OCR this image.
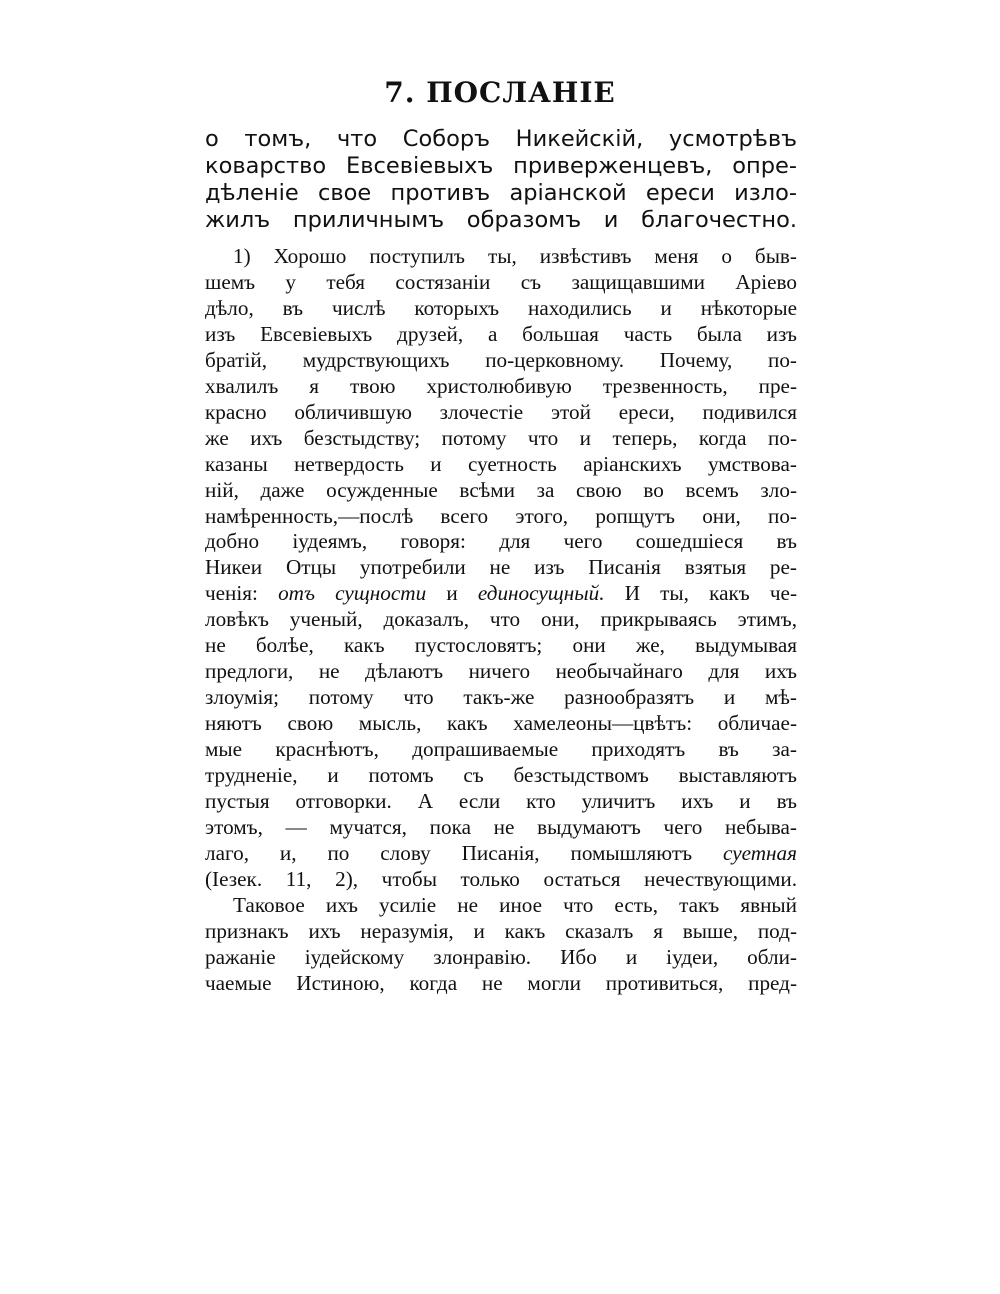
7. ПОСЛАНІЕ
о томъ, что Соборъ Никейскій, усмотрѣвъ
коварство Евсевіевыхъ приверженцевъ, опре-
дѣленіе свое противъ аріанской ереси изло-
жилъ приличнымъ образомъ и благочестно.
1) Хорошо поступилъ ты, извѣстивъ меня о быв-
шемъ у тебя состязаніи съ защищавшими Аріево
дѣло, въ числѣ которыхъ находились и нѣкоторые
изъ Евсевіевыхъ друзей, а большая часть была изъ
братій, мудрствующихъ по-церковному. Почему, по-
хвалилъ я твою христолюбивую трезвенность, пре-
красно обличившую злочестіе этой ереси, подивился
же ихъ безстыдству; потому что и теперь, когда по-
казаны нетвердость и суетность аріанскихъ умствова-
ній, даже осужденные всѣми за свою во всемъ зло-
намѣренность,—послѣ всего этого, ропщутъ они, по-
добно іудеямъ, говоря: для чего сошедшіеся въ
Никеи Отцы употребили не изъ Писанія взятыя ре-
ченія: отъ сущности и единосущный. И ты, какъ че-
ловѣкъ ученый, доказалъ, что они, прикрываясь этимъ,
не болѣе, какъ пустословятъ; они же, выдумывая
предлоги, не дѣлаютъ ничего необычайнаго для ихъ
злоумія; потому что такъ-же разнообразятъ и мѣ-
няютъ свою мысль, какъ хамелеоны—цвѣтъ: обличае-
мые краснѣютъ, допрашиваемые приходятъ въ за-
трудненіе, и потомъ съ безстыдствомъ выставляютъ
пустыя отговорки. А если кто уличитъ ихъ и въ
этомъ, — мучатся, пока не выдумаютъ чего небыва-
лаго, и, по слову Писанія, помышляютъ суетная
(Iезек. 11, 2), чтобы только остаться нечествующими.
Таковое ихъ усиліе не иное что есть, такъ явный
признакъ ихъ неразумія, и какъ сказалъ я выше, под-
ражаніе іудейскому злонравію. Ибо и іудеи, обли-
чаемые Истиною, когда не могли противиться, пред-
